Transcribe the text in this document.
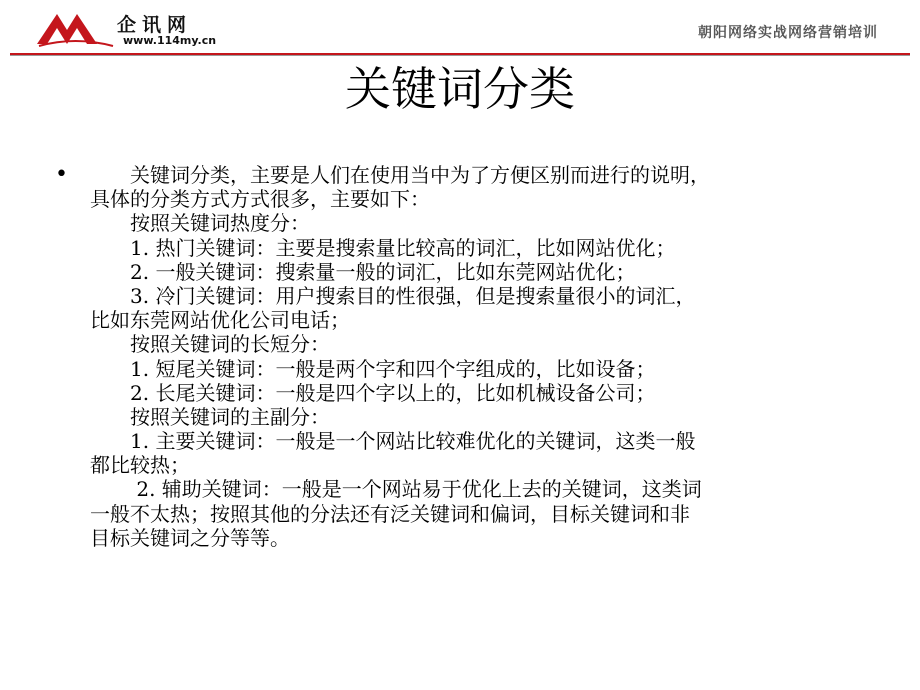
企讯网
www.114my.cn	朝阳网络实战网络营销培训
关键词分类
• 　　关键词分类，主要是人们在使用当中为了方便区别而进行的说明，
具体的分类方式方式很多，主要如下：
　　按照关键词热度分：
　　1. 热门关键词：主要是搜索量比较高的词汇，比如网站优化；
　　2. 一般关键词：搜索量一般的词汇，比如东莞网站优化；
　　3. 冷门关键词：用户搜索目的性很强，但是搜索量很小的词汇，
比如东莞网站优化公司电话；
　　按照关键词的长短分：
　　1. 短尾关键词：一般是两个字和四个字组成的，比如设备；
　　2. 长尾关键词：一般是四个字以上的，比如机械设备公司；
　　按照关键词的主副分：
　　1. 主要关键词：一般是一个网站比较难优化的关键词，这类一般
都比较热；
　　 2. 辅助关键词：一般是一个网站易于优化上去的关键词，这类词
一般不太热；按照其他的分法还有泛关键词和偏词，目标关键词和非
目标关键词之分等等。
